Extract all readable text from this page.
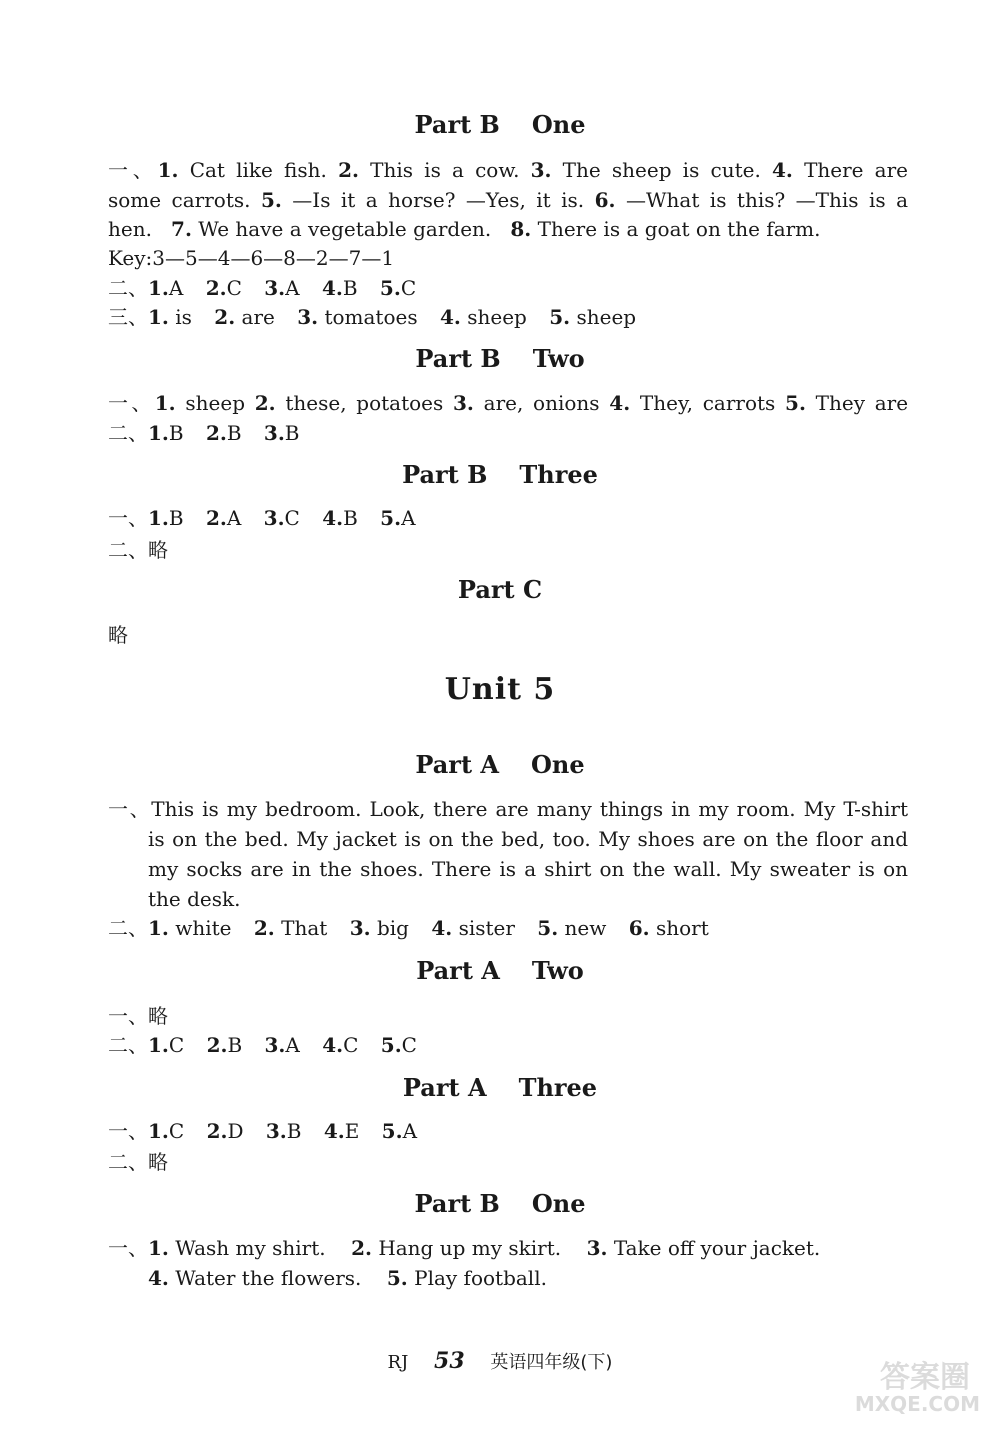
Part B One
一、1. Cat like fish. 2. This is a cow. 3. The sheep is cute. 4. There are
some carrots. 5. —Is it a horse? —Yes, it is. 6. —What is this? —This is a
hen. 7. We have a vegetable garden. 8. There is a goat on the farm.
Key:3—5—4—6—8—2—7—1
二、1.A 2.C 3.A 4.B 5.C
三、1. is 2. are 3. tomatoes 4. sheep 5. sheep
Part B Two
一、1. sheep 2. these, potatoes 3. are, onions 4. They, carrots 5. They are
二、1.B 2.B 3.B
Part B Three
一、1.B 2.A 3.C 4.B 5.A
二、略
Part C
略
Unit 5
Part A One
一、This is my bedroom. Look, there are many things in my room. My T-shirt
is on the bed. My jacket is on the bed, too. My shoes are on the floor and
my socks are in the shoes. There is a shirt on the wall. My sweater is on
the desk.
二、1. white 2. That 3. big 4. sister 5. new 6. short
Part A Two
一、略
二、1.C 2.B 3.A 4.C 5.C
Part A Three
一、1.C 2.D 3.B 4.E 5.A
二、略
Part B One
一、1. Wash my shirt. 2. Hang up my skirt. 3. Take off your jacket.
4. Water the flowers. 5. Play football.
RJ 53 英语四年级(下)	答案圈
MXQE.COM
